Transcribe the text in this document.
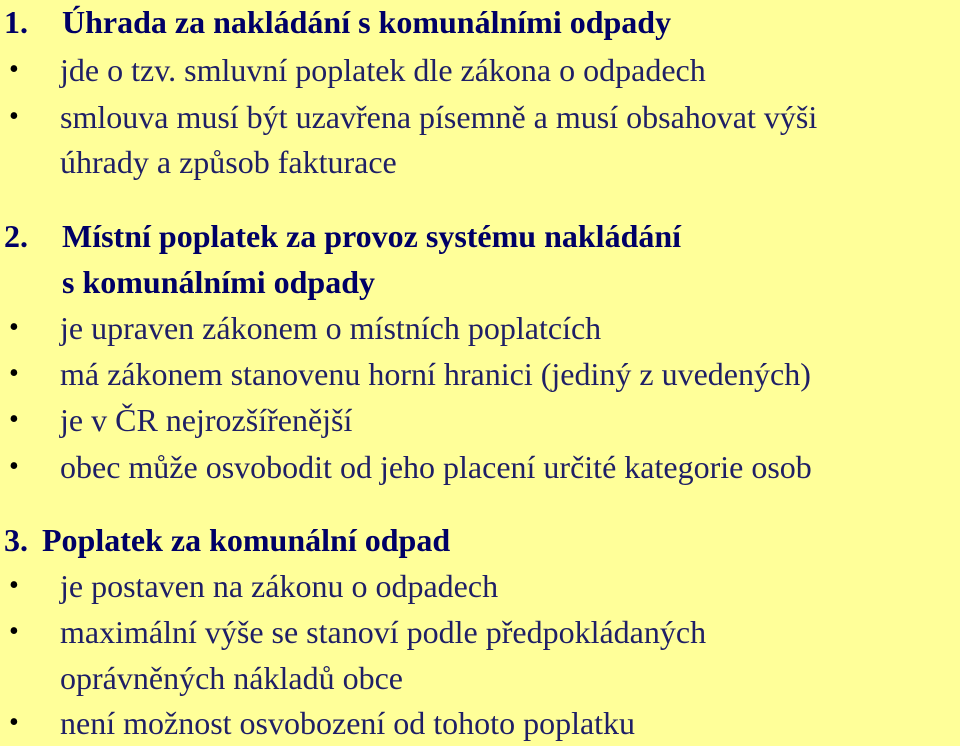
1. Úhrada za nakládání s komunálními odpady
• jde o tzv. smluvní poplatek dle zákona o odpadech
• smlouva musí být uzavřena písemně a musí obsahovat výši
úhrady a způsob fakturace
2. Místní poplatek za provoz systému nakládání
s komunálními odpady
• je upraven zákonem o místních poplatcích
• má zákonem stanovenu horní hranici (jediný z uvedených)
• je v ČR nejrozšířenější
• obec může osvobodit od jeho placení určité kategorie osob
3. Poplatek za komunální odpad
• je postaven na zákonu o odpadech
• maximální výše se stanoví podle předpokládaných
oprávněných nákladů obce
• není možnost osvobození od tohoto poplatku
